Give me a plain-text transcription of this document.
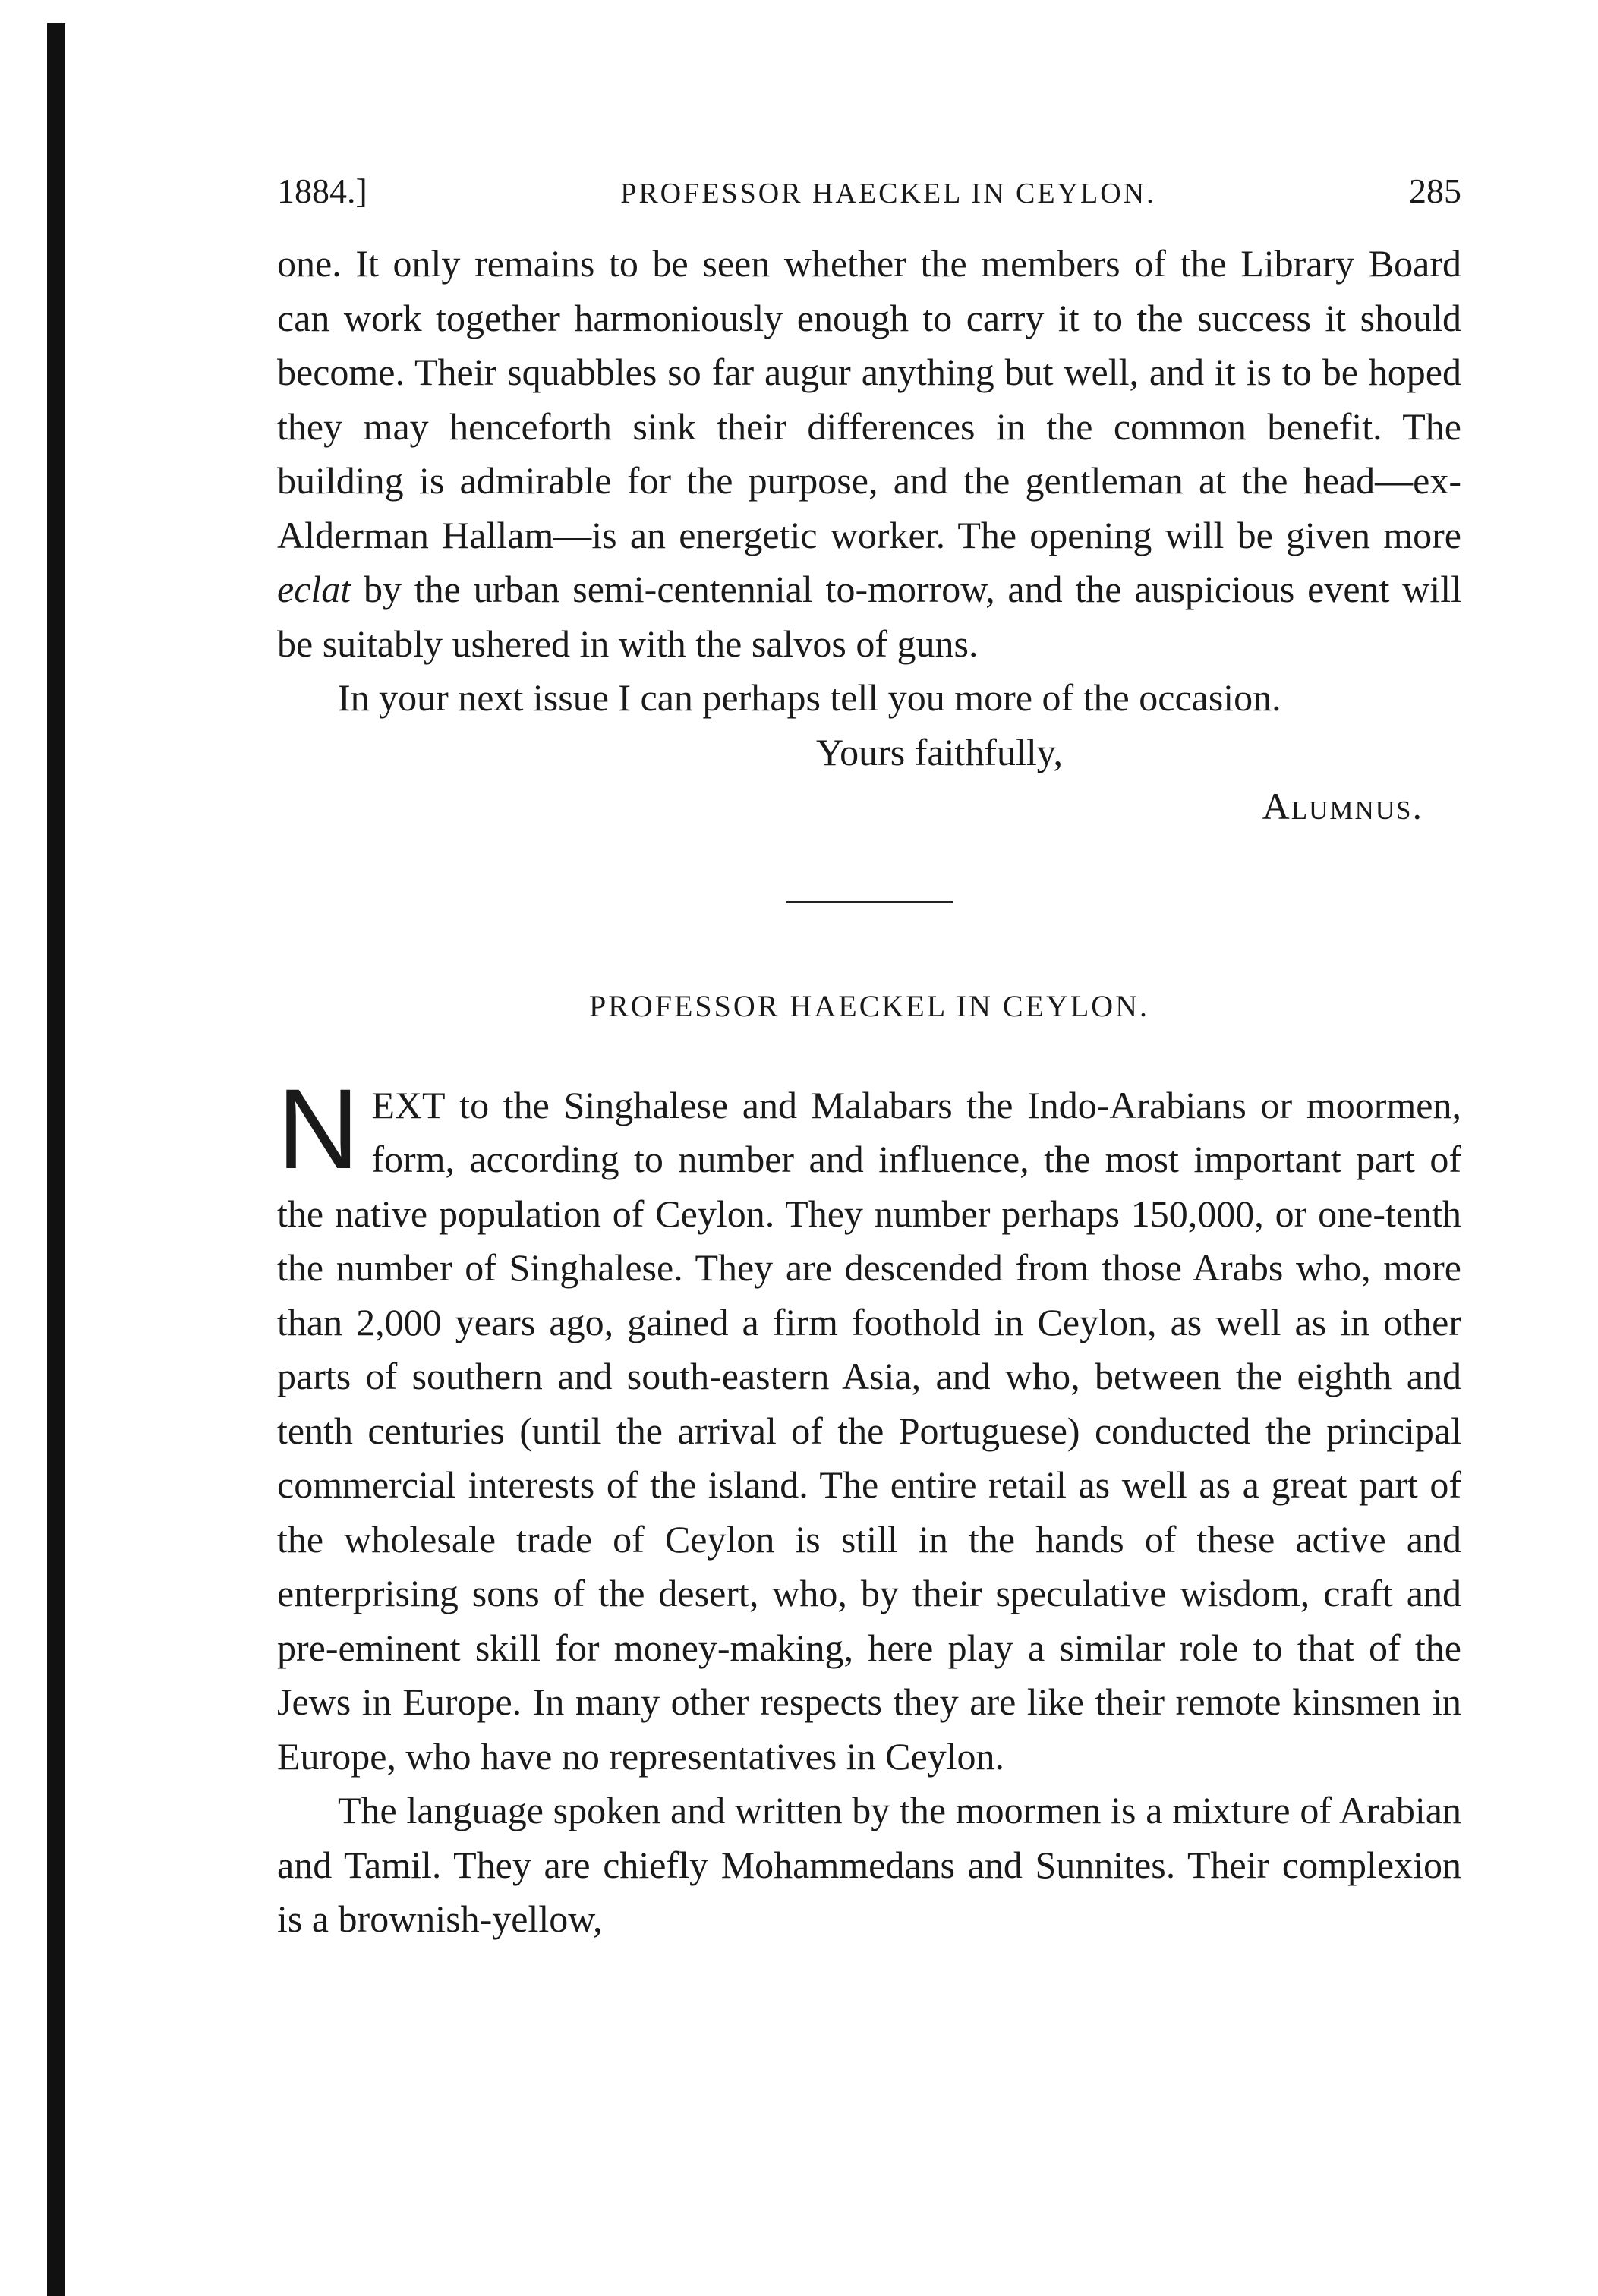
1884.]	PROFESSOR HAECKEL IN CEYLON.	285

one. It only remains to be seen whether the members of the Library Board can work together harmoniously enough to carry it to the success it should become. Their squabbles so far augur anything but well, and it is to be hoped they may henceforth sink their differences in the common benefit. The building is admirable for the purpose, and the gentleman at the head—ex-Alderman Hallam—is an energetic worker. The opening will be given more eclat by the urban semi-centennial to-morrow, and the auspicious event will be suitably ushered in with the salvos of guns.

In your next issue I can perhaps tell you more of the occasion.

Yours faithfully,
Alumnus.
PROFESSOR HAECKEL IN CEYLON.

NEXT to the Singhalese and Malabars the Indo-Arabians or moormen, form, according to number and influence, the most important part of the native population of Ceylon. They number perhaps 150,000, or one-tenth the number of Singhalese. They are descended from those Arabs who, more than 2,000 years ago, gained a firm foothold in Ceylon, as well as in other parts of southern and south-eastern Asia, and who, between the eighth and tenth centuries (until the arrival of the Portuguese) conducted the principal commercial interests of the island. The entire retail as well as a great part of the wholesale trade of Ceylon is still in the hands of these active and enterprising sons of the desert, who, by their speculative wisdom, craft and pre-eminent skill for money-making, here play a similar role to that of the Jews in Europe. In many other respects they are like their remote kinsmen in Europe, who have no representatives in Ceylon.

The language spoken and written by the moormen is a mixture of Arabian and Tamil. They are chiefly Mohammedans and Sunnites. Their complexion is a brownish-yellow,
